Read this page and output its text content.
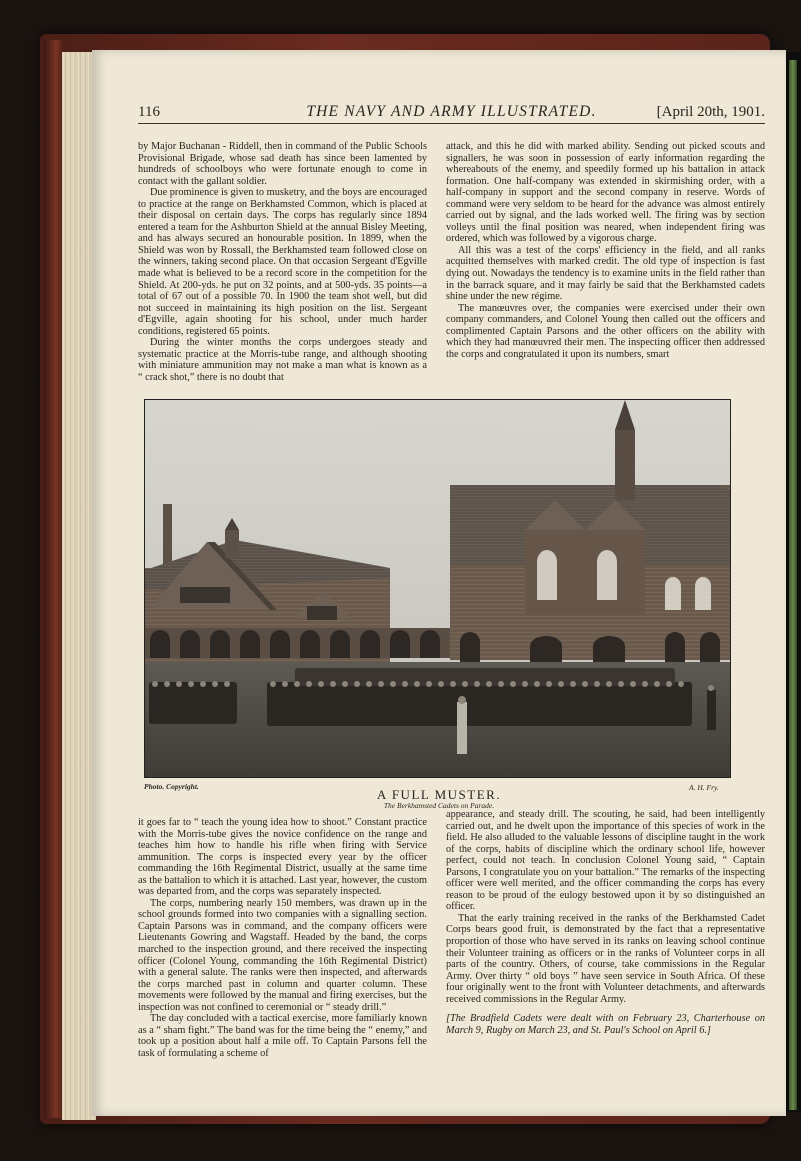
116	THE NAVY AND ARMY ILLUSTRATED.	[April 20th, 1901.

by Major Buchanan - Riddell, then in command of the Public Schools Provisional Brigade, whose sad death has since been lamented by hundreds of schoolboys who were fortunate enough to come in contact with the gallant soldier.

Due prominence is given to musketry, and the boys are encouraged to practice at the range on Berkhamsted Common, which is placed at their disposal on certain days. The corps has regularly since 1894 entered a team for the Ashburton Shield at the annual Bisley Meeting, and has always secured an honourable position. In 1899, when the Shield was won by Rossall, the Berkhamsted team followed close on the winners, taking second place. On that occasion Sergeant d'Egville made what is believed to be a record score in the competition for the Shield. At 200-yds. he put on 32 points, and at 500-yds. 35 points—a total of 67 out of a possible 70. In 1900 the team shot well, but did not succeed in maintaining its high position on the list. Sergeant d'Egville, again shooting for his school, under much harder conditions, registered 65 points.

During the winter months the corps undergoes steady and systematic practice at the Morris-tube range, and although shooting with miniature ammunition may not make a man what is known as a “ crack shot,” there is no doubt that

attack, and this he did with marked ability. Sending out picked scouts and signallers, he was soon in possession of early information regarding the whereabouts of the enemy, and speedily formed up his battalion in attack formation. One half-company was extended in skirmishing order, with a half-company in support and the second company in reserve. Words of command were very seldom to be heard for the advance was almost entirely carried out by signal, and the lads worked well. The firing was by section volleys until the final position was neared, when independent firing was ordered, which was followed by a vigorous charge.

All this was a test of the corps' efficiency in the field, and all ranks acquitted themselves with marked credit. The old type of inspection is fast dying out. Nowadays the tendency is to examine units in the field rather than in the barrack square, and it may fairly be said that the Berkhamsted cadets shine under the new régime.

The manœuvres over, the companies were exercised under their own company commanders, and Colonel Young then called out the officers and complimented Captain Parsons and the other officers on the ability with which they had manœuvred their men. The inspecting officer then addressed the corps and congratulated it upon its numbers, smart

Photo. Copyright.	A. H. Fry.
A FULL MUSTER.
The Berkhamsted Cadets on Parade.

it goes far to “ teach the young idea how to shoot.” Constant practice with the Morris-tube gives the novice confidence on the range and teaches him how to handle his rifle when firing with Service ammunition. The corps is inspected every year by the officer commanding the 16th Regimental District, usually at the same time as the battalion to which it is attached. Last year, however, the custom was departed from, and the corps was separately inspected.

The corps, numbering nearly 150 members, was drawn up in the school grounds formed into two companies with a signalling section. Captain Parsons was in command, and the company officers were Lieutenants Gowring and Wagstaff. Headed by the band, the corps marched to the inspection ground, and there received the inspecting officer (Colonel Young, commanding the 16th Regimental District) with a general salute. The ranks were then inspected, and afterwards the corps marched past in column and quarter column. These movements were followed by the manual and firing exercises, but the inspection was not confined to ceremonial or “ steady drill.”

The day concluded with a tactical exercise, more familiarly known as a “ sham fight.” The band was for the time being the “ enemy,” and took up a position about half a mile off. To Captain Parsons fell the task of formulating a scheme of

appearance, and steady drill. The scouting, he said, had been intelligently carried out, and he dwelt upon the importance of this species of work in the field. He also alluded to the valuable lessons of discipline taught in the work of the corps, habits of discipline which the ordinary school life, however perfect, could not teach. In conclusion Colonel Young said, “ Captain Parsons, I congratulate you on your battalion.” The remarks of the inspecting officer were well merited, and the officer commanding the corps has every reason to be proud of the eulogy bestowed upon it by so distinguished an officer.

That the early training received in the ranks of the Berkhamsted Cadet Corps bears good fruit, is demonstrated by the fact that a representative proportion of those who have served in its ranks on leaving school continue their Volunteer training as officers or in the ranks of Volunteer corps in all parts of the country. Others, of course, take commissions in the Regular Army. Over thirty “ old boys ” have seen service in South Africa. Of these four originally went to the front with Volunteer detachments, and afterwards received commissions in the Regular Army.

[The Bradfield Cadets were dealt with on February 23, Charterhouse on March 9, Rugby on March 23, and St. Paul's School on April 6.]
